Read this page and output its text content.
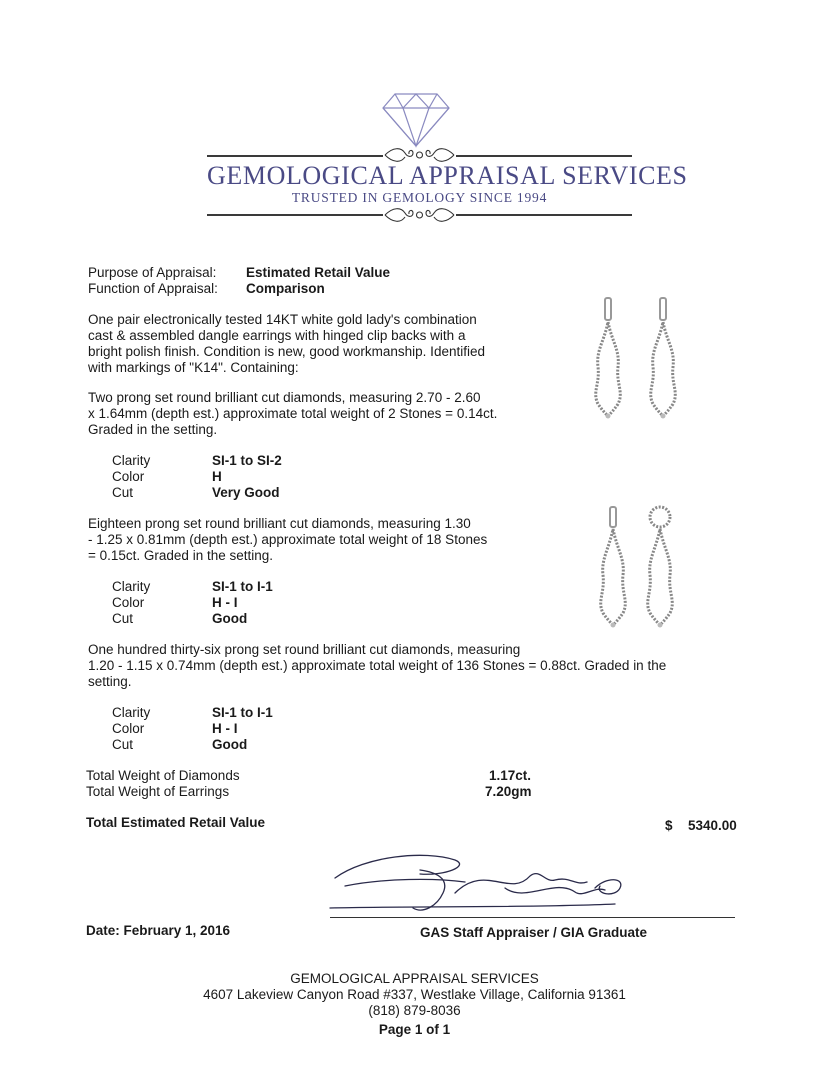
GEMOLOGICAL APPRAISAL SERVICES
TRUSTED IN GEMOLOGY SINCE 1994
Purpose of Appraisal: Estimated Retail Value
Function of Appraisal: Comparison
One pair electronically tested 14KT white gold lady's combination
cast & assembled dangle earrings with hinged clip backs with a
bright polish finish. Condition is new, good workmanship. Identified
with markings of "K14". Containing:
Two prong set round brilliant cut diamonds, measuring 2.70 - 2.60
x 1.64mm (depth est.) approximate total weight of 2 Stones = 0.14ct.
Graded in the setting.
Clarity	SI-1 to SI-2
Color	H
Cut	Very Good
Eighteen prong set round brilliant cut diamonds, measuring 1.30
- 1.25 x 0.81mm (depth est.) approximate total weight of 18 Stones
= 0.15ct. Graded in the setting.
Clarity	SI-1 to I-1
Color	H - I
Cut	Good
One hundred thirty-six prong set round brilliant cut diamonds, measuring
1.20 - 1.15 x 0.74mm (depth est.) approximate total weight of 136 Stones = 0.88ct. Graded in the
setting.
Clarity	SI-1 to I-1
Color	H - I
Cut	Good
Total Weight of Diamonds	1.17ct.
Total Weight of Earrings	7.20gm
Total Estimated Retail Value	$ 5340.00
Date: February 1, 2016	GAS Staff Appraiser / GIA Graduate
GEMOLOGICAL APPRAISAL SERVICES
4607 Lakeview Canyon Road #337, Westlake Village, California 91361
(818) 879-8036
Page 1 of 1
